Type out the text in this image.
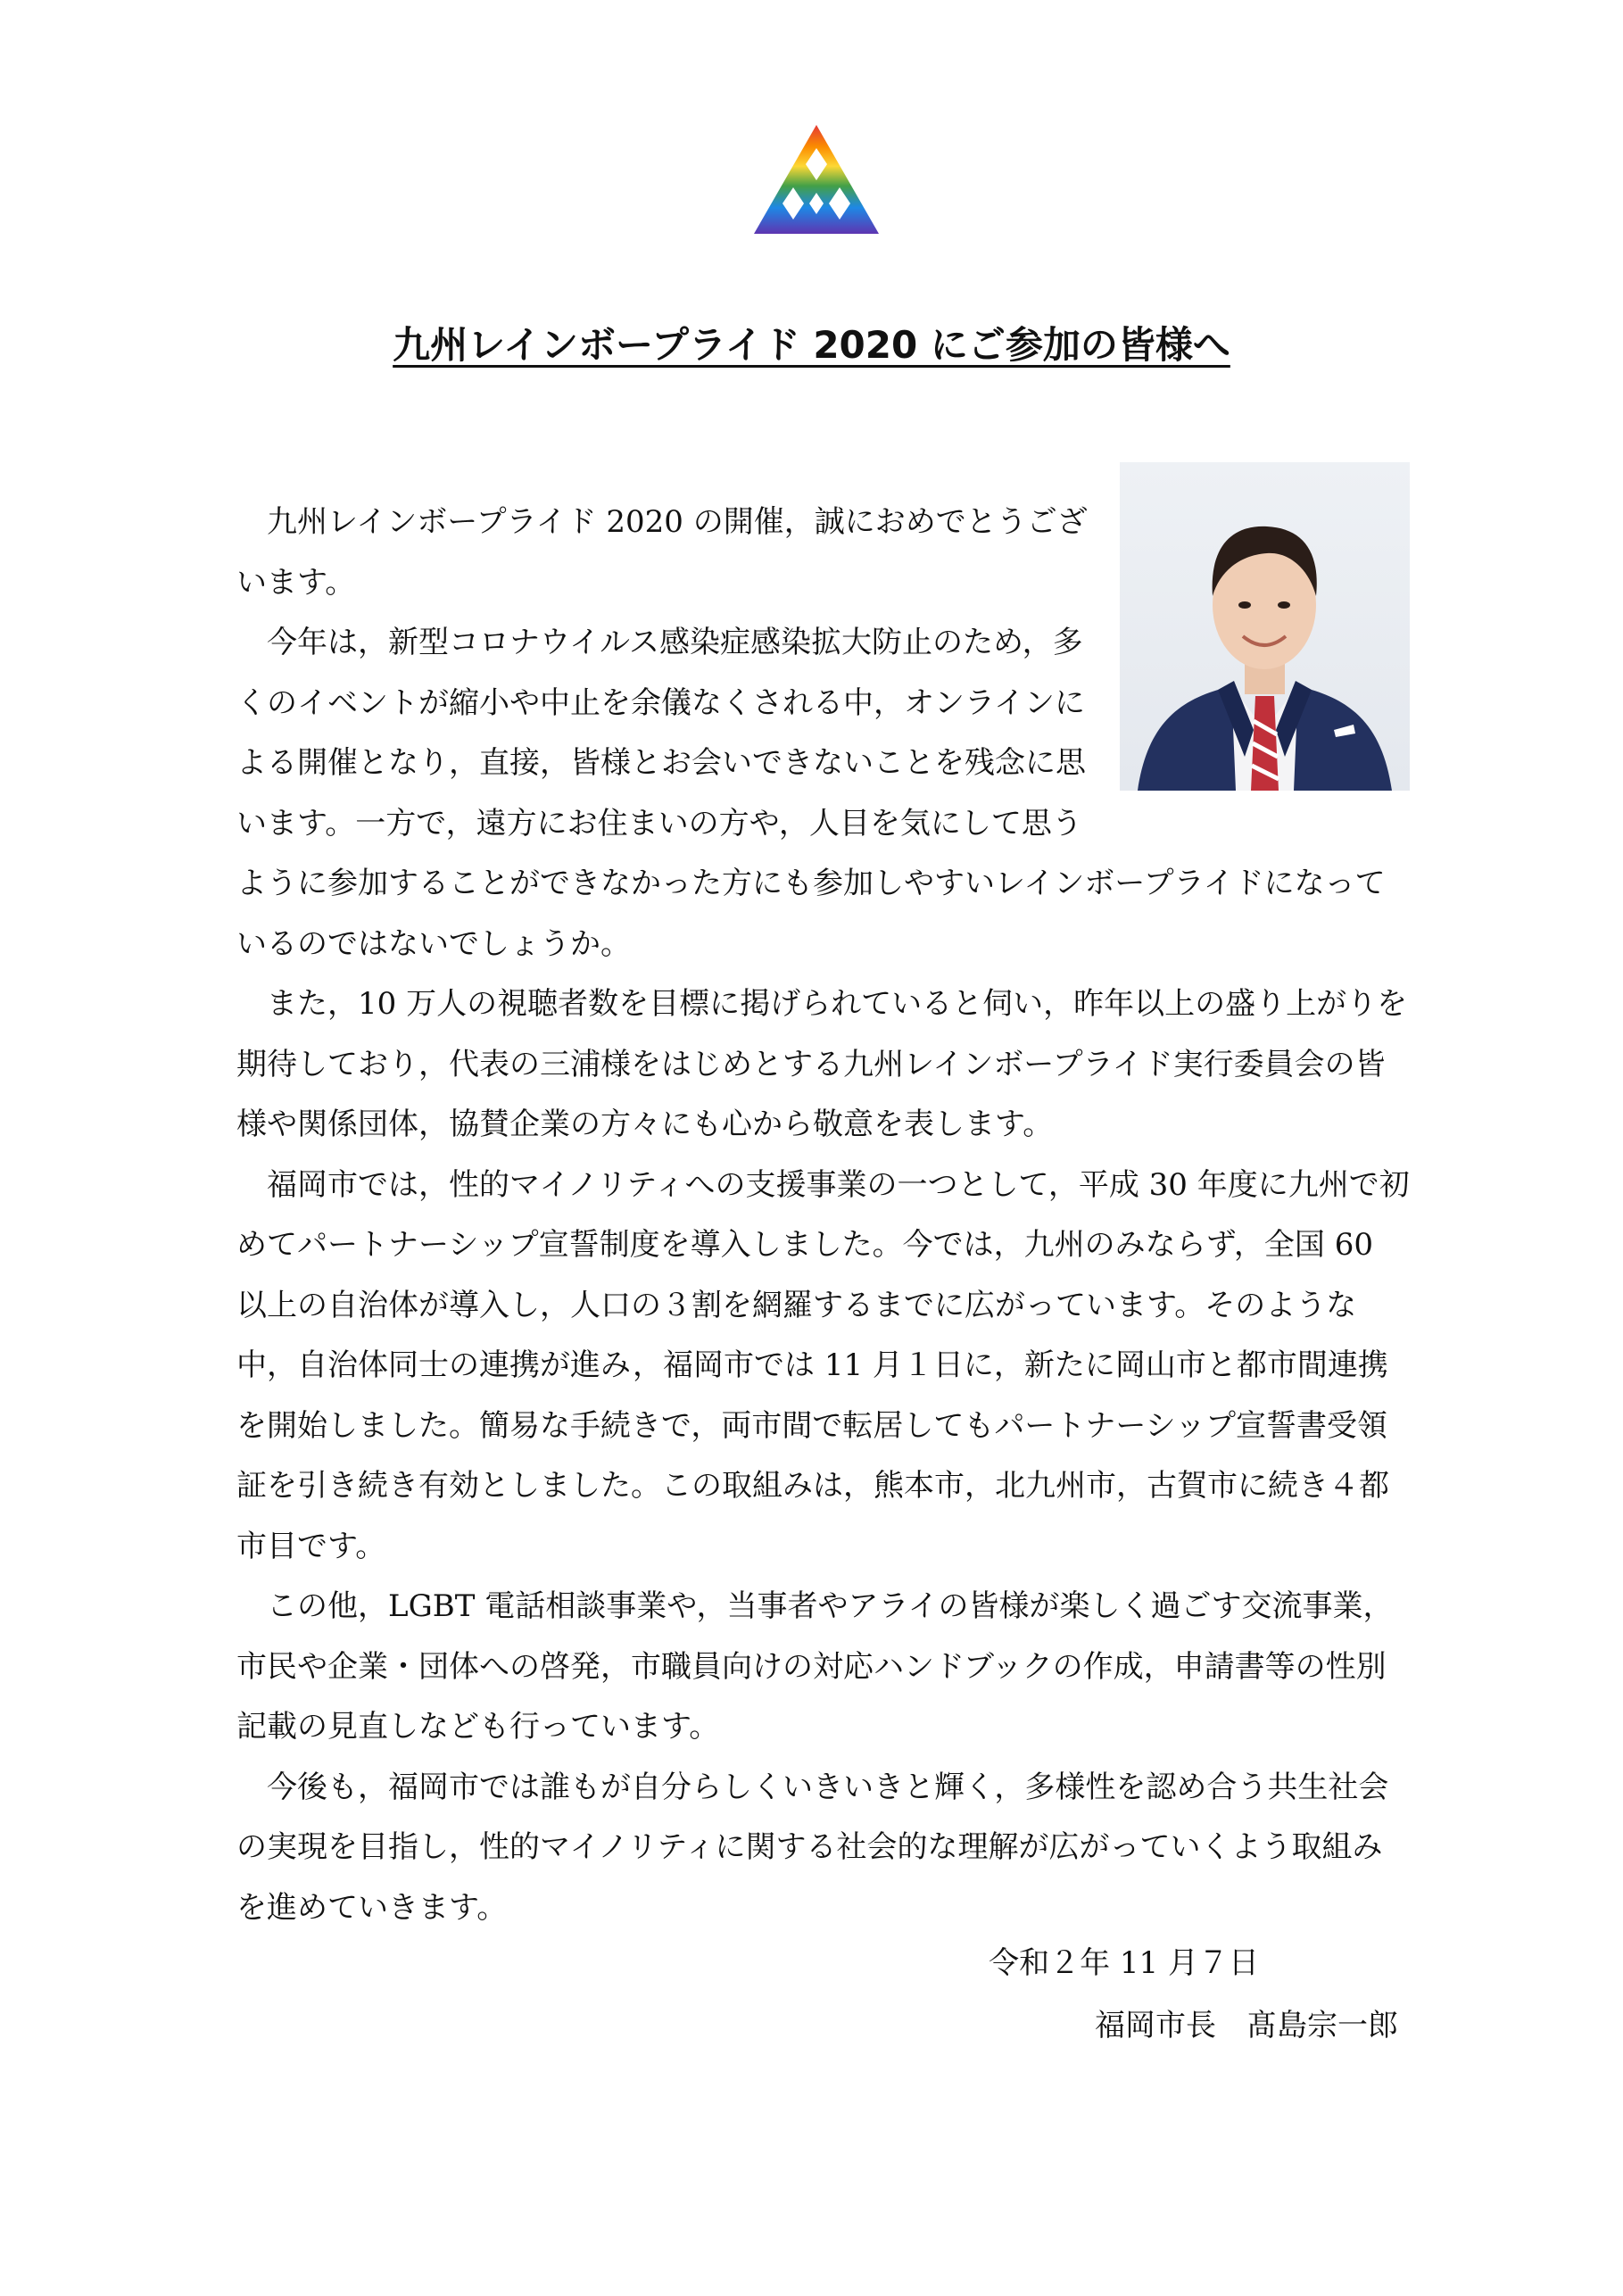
九州レインボープライド 2020 にご参加の皆様へ

九州レインボープライド 2020 の開催，誠におめでとうございます。

今年は，新型コロナウイルス感染症感染拡大防止のため，多くのイベントが縮小や中止を余儀なくされる中，オンラインによる開催となり，直接，皆様とお会いできないことを残念に思います。一方で，遠方にお住まいの方や，人目を気にして思うように参加することができなかった方にも参加しやすいレインボープライドになっているのではないでしょうか。

また，10 万人の視聴者数を目標に掲げられていると伺い，昨年以上の盛り上がりを期待しており，代表の三浦様をはじめとする九州レインボープライド実行委員会の皆様や関係団体，協賛企業の方々にも心から敬意を表します。

福岡市では，性的マイノリティへの支援事業の一つとして，平成 30 年度に九州で初めてパートナーシップ宣誓制度を導入しました。今では，九州のみならず，全国 60 以上の自治体が導入し，人口の３割を網羅するまでに広がっています。そのような中，自治体同士の連携が進み，福岡市では 11 月１日に，新たに岡山市と都市間連携を開始しました。簡易な手続きで，両市間で転居してもパートナーシップ宣誓書受領証を引き続き有効としました。この取組みは，熊本市，北九州市，古賀市に続き４都市目です。

この他，LGBT 電話相談事業や，当事者やアライの皆様が楽しく過ごす交流事業，市民や企業・団体への啓発，市職員向けの対応ハンドブックの作成，申請書等の性別記載の見直しなども行っています。

今後も，福岡市では誰もが自分らしくいきいきと輝く，多様性を認め合う共生社会の実現を目指し，性的マイノリティに関する社会的な理解が広がっていくよう取組みを進めていきます。

令和２年 11 月７日
福岡市長　髙島宗一郎
